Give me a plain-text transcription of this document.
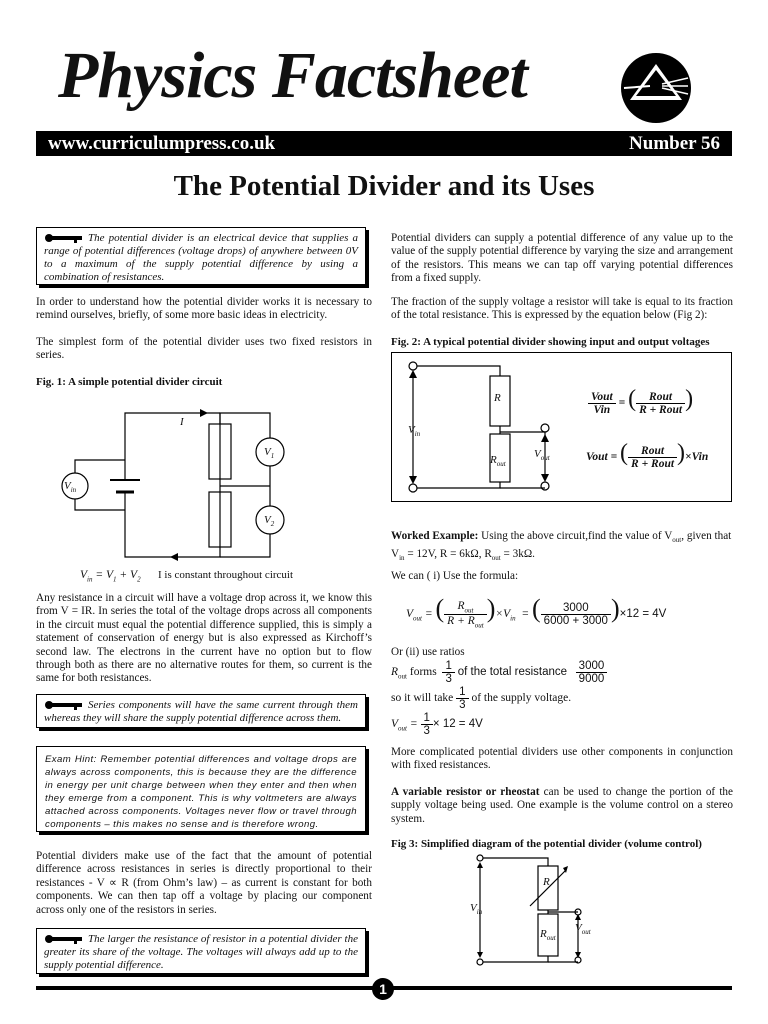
Physics Factsheet
www.curriculumpress.co.uk	Number 56
The Potential Divider and its Uses
The potential divider is an electrical device that supplies a range of potential differences (voltage drops) of anywhere between 0V to a maximum of the supply potential difference by using a combination of resistances.

In order to understand how the potential divider works it is necessary to remind ourselves, briefly, of some more basic ideas in electricity.

The simplest form of the potential divider uses two fixed resistors in series.

Fig. 1: A simple potential divider circuit
I
$V_{in}$
$V_1$
$V_2$
$V_{in} = V_1 + V_2$ I is constant throughout circuit

Any resistance in a circuit will have a voltage drop across it, we know this from V = IR. In series the total of the voltage drops across all components in the circuit must equal the potential difference supplied, this is simply a statement of conservation of energy but is also expressed as Kirchoff’s second law. The electrons in the current have no option but to flow through both as there are no alternative routes for them, so current is the same for both resistances.

Series components will have the same current through them whereas they will share the supply potential difference across them.
Exam Hint: Remember potential differences and voltage drops are always across components, this is because they are the difference in energy per unit charge between when they enter and then when they emerge from a component. This is why voltmeters are always attached across components. Voltages never flow or travel through components – this makes no sense and is therefore wrong.

Potential dividers make use of the fact that the amount of potential difference across resistances in series is directly proportional to their resistances - V ∝ R (from Ohm’s law) – as current is constant for both components. We can then tap off a voltage by placing our component across only one of the resistors in series.

The larger the resistance of resistor in a potential divider the greater its share of the voltage. The voltages will always add up to the supply potential difference.

Potential dividers can supply a potential difference of any value up to the value of the supply potential difference by varying the size and arrangement of the resistors. This means we can tap off varying potential differences from a fixed supply.

The fraction of the supply voltage a resistor will take is equal to its fraction of the total resistance. This is expressed by the equation below (Fig 2):

Fig. 2: A typical potential divider showing input and output voltages
R
$R_{out}$
$V_{in}$
$V_{out}$
$\frac{\text{Vout}}{\text{Vin}}$ = ( $\frac{\text{Rout}}{\text{R + Rout}}$ )
Vout = ( $\frac{\text{Rout}}{\text{R + Rout}} )\times Vin$

Worked Example: Using the above circuit,find the value of $V_{out}$, given that
$V_{in} = 12V$, R = 6kΩ, $R_{out} = 3k\Omega$.

We can ( i) Use the formula:

$V_{out}$ = ( $\frac{R_{out}}{R + R_{out}} )\times V_{in}$  = ( $\frac{3000}{6000 + 3000} )\times 12 = 4V$

Or (ii) use ratios

$R_{out}$ forms $\frac{1}{3}$ of the total resistance $\frac{3000}{9000}$
so it will take $\frac{1}{3}$ of the supply voltage.
$V_{out} = \frac{1}{3} \times 12 = 4V$

More complicated potential dividers use other components in conjunction with fixed resistances.

A variable resistor or rheostat can be used to change the portion of the supply voltage being used. One example is the volume control on a stereo system.

Fig 3: Simplified diagram of the potential divider (volume control)
R
$R_{out}$
$V_{in}$
$V_{out}$
1
